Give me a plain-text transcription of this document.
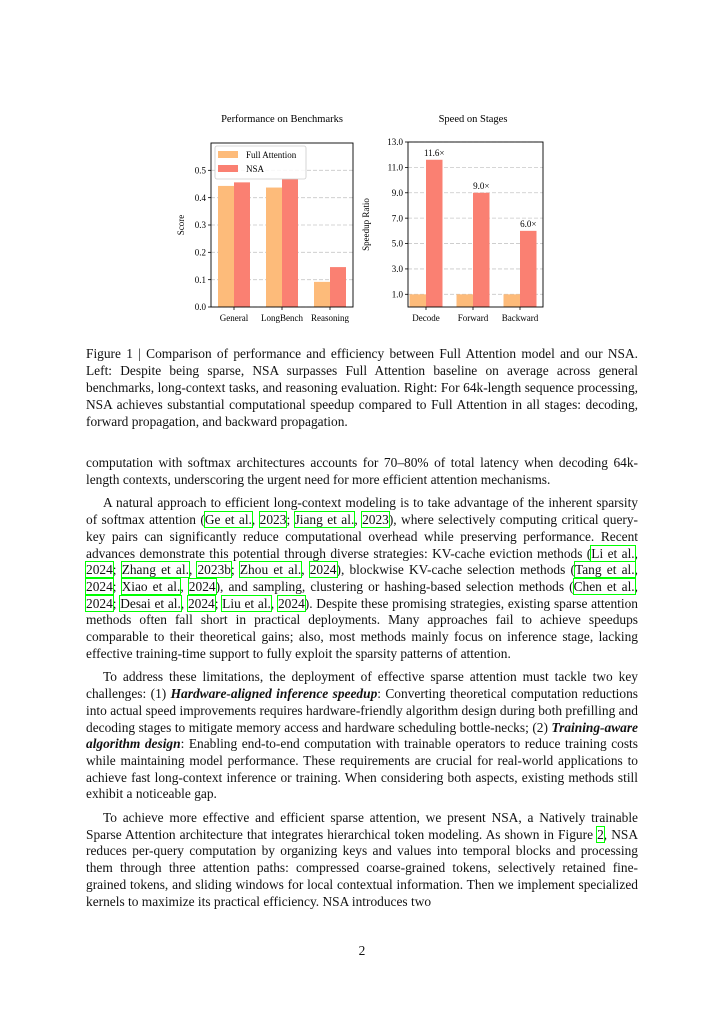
Performance on Benchmarks
0.0
0.1
0.2
0.3
0.4
0.5
General LongBench Reasoning
Score
Full Attention
NSA
Speed on Stages
1.0
3.0
5.0
7.0
9.0
11.0
13.0
Decode
11.6×
Forward
9.0×
Backward
6.0×
Speedup Ratio
Figure 1 | Comparison of performance and efficiency between Full Attention model and our NSA. Left: Despite being sparse, NSA surpasses Full Attention baseline on average across general benchmarks, long-context tasks, and reasoning evaluation. Right: For 64k-length sequence processing, NSA achieves substantial computational speedup compared to Full Attention in all stages: decoding, forward propagation, and backward propagation.

computation with softmax architectures accounts for 70–80% of total latency when decoding 64k-length contexts, underscoring the urgent need for more efficient attention mechanisms.

A natural approach to efficient long-context modeling is to take advantage of the inherent sparsity of softmax attention (Ge et al., 2023; Jiang et al., 2023), where selectively computing critical query-key pairs can significantly reduce computational overhead while preserving performance. Recent advances demonstrate this potential through diverse strategies: KV-cache eviction methods (Li et al., 2024; Zhang et al., 2023b; Zhou et al., 2024), blockwise KV-cache selection methods (Tang et al., 2024; Xiao et al., 2024), and sampling, clustering or hashing-based selection methods (Chen et al., 2024; Desai et al., 2024; Liu et al., 2024). Despite these promising strategies, existing sparse attention methods often fall short in practical deployments. Many approaches fail to achieve speedups comparable to their theoretical gains; also, most methods mainly focus on inference stage, lacking effective training-time support to fully exploit the sparsity patterns of attention.

To address these limitations, the deployment of effective sparse attention must tackle two key challenges: (1) Hardware-aligned inference speedup: Converting theoretical computation reductions into actual speed improvements requires hardware-friendly algorithm design during both prefilling and decoding stages to mitigate memory access and hardware scheduling bottle-necks; (2) Training-aware algorithm design: Enabling end-to-end computation with trainable operators to reduce training costs while maintaining model performance. These requirements are crucial for real-world applications to achieve fast long-context inference or training. When considering both aspects, existing methods still exhibit a noticeable gap.

To achieve more effective and efficient sparse attention, we present NSA, a Natively trainable Sparse Attention architecture that integrates hierarchical token modeling. As shown in Figure 2, NSA reduces per-query computation by organizing keys and values into temporal blocks and processing them through three attention paths: compressed coarse-grained tokens, selectively retained fine-grained tokens, and sliding windows for local contextual information. Then we implement specialized kernels to maximize its practical efficiency. NSA introduces two

2
